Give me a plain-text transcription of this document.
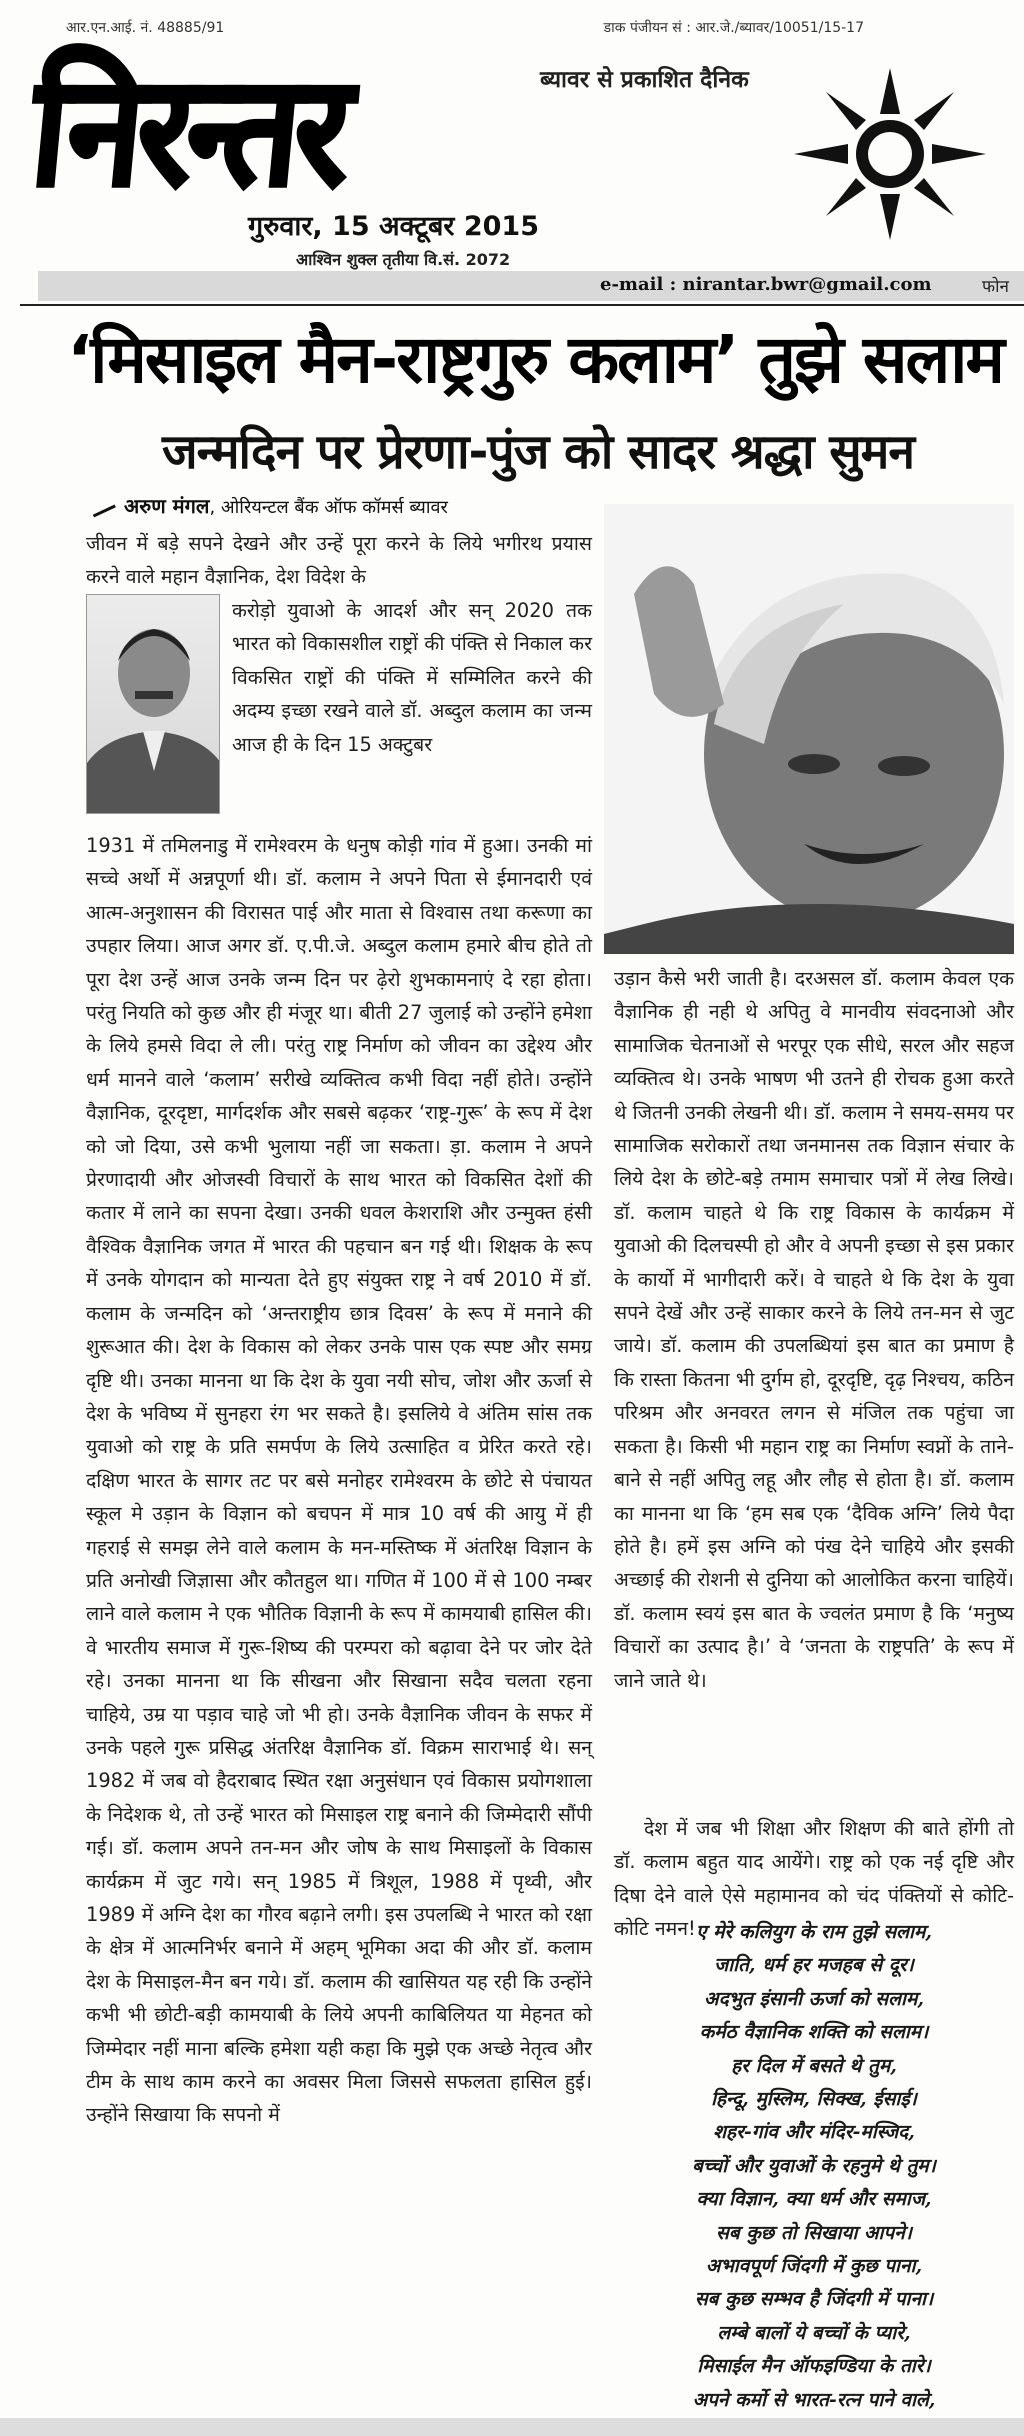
आर.एन.आई. नं. 48885/91	डाक पंजीयन सं : आर.जे./ब्यावर/10051/15-17
ब्यावर से प्रकाशित दैनिक
निरन्तर
गुरुवार, 15 अक्टूबर 2015
आश्विन शुक्ल तृतीया वि.सं. 2072
e-mail : nirantar.bwr@gmail.com	फोन
‘मिसाइल मैन-राष्ट्रगुरु कलाम’ तुझे सलाम
जन्मदिन पर प्रेरणा-पुंज को सादर श्रद्धा सुमन
अरुण मंगल, ओरियन्टल बैंक ऑफ कॉमर्स ब्यावर
जीवन में बड़े सपने देखने और उन्हें पूरा करने के लिये भगीरथ प्रयास करने वाले महान वैज्ञानिक, देश विदेश के
करोड़ो युवाओ के आदर्श और सन् 2020 तक भारत को विकासशील राष्ट्रों की पंक्ति से निकाल कर विकसित राष्ट्रों की पंक्ति में सम्मिलित करने की अदम्य इच्छा रखने वाले डॉ. अब्दुल कलाम का जन्म आज ही के दिन 15 अक्टुबर
1931 में तमिलनाडु में रामेश्वरम के धनुष कोड़ी गांव में हुआ। उनकी मां सच्चे अर्थो में अन्नपूर्णा थी। डॉ. कलाम ने अपने पिता से ईमानदारी एवं आत्म-अनुशासन की विरासत पाई और माता से विश्वास तथा करूणा का उपहार लिया। आज अगर डॉ. ए.पी.जे. अब्दुल कलाम हमारे बीच होते तो पूरा देश उन्हें आज उनके जन्म दिन पर ढ़ेरो शुभकामनाएं दे रहा होता। परंतु नियति को कुछ और ही मंजूर था। बीती 27 जुलाई को उन्होंने हमेशा के लिये हमसे विदा ले ली। परंतु राष्ट्र निर्माण को जीवन का उद्देश्य और धर्म मानने वाले ‘कलाम’ सरीखे व्यक्तित्व कभी विदा नहीं होते। उन्होंने वैज्ञानिक, दूरदृष्टा, मार्गदर्शक और सबसे बढ़कर ‘राष्ट्र-गुरू’ के रूप में देश को जो दिया, उसे कभी भुलाया नहीं जा सकता। ड़ा. कलाम ने अपने प्रेरणादायी और ओजस्वी विचारों के साथ भारत को विकसित देशों की कतार में लाने का सपना देखा। उनकी धवल केशराशि और उन्मुक्त हंसी वैश्विक वैज्ञानिक जगत में भारत की पहचान बन गई थी। शिक्षक के रूप में उनके योगदान को मान्यता देते हुए संयुक्त राष्ट्र ने वर्ष 2010 में डॉ. कलाम के जन्मदिन को ‘अन्तराष्ट्रीय छात्र दिवस’ के रूप में मनाने की शुरूआत की। देश के विकास को लेकर उनके पास एक स्पष्ट और समग्र दृष्टि थी। उनका मानना था कि देश के युवा नयी सोच, जोश और ऊर्जा से देश के भविष्य में सुनहरा रंग भर सकते है। इसलिये वे अंतिम सांस तक युवाओ को राष्ट्र के प्रति समर्पण के लिये उत्साहित व प्रेरित करते रहे। दक्षिण भारत के सागर तट पर बसे मनोहर रामेश्वरम के छोटे से पंचायत स्कूल मे उड़ान के विज्ञान को बचपन में मात्र 10 वर्ष की आयु में ही गहराई से समझ लेने वाले कलाम के मन-मस्तिष्क में अंतरिक्ष विज्ञान के प्रति अनोखी जिज्ञासा और कौतहुल था। गणित में 100 में से 100 नम्बर लाने वाले कलाम ने एक भौतिक विज्ञानी के रूप में कामयाबी हासिल की। वे भारतीय समाज में गुरू-शिष्य की परम्परा को बढ़ावा देने पर जोर देते रहे। उनका मानना था कि सीखना और सिखाना सदैव चलता रहना चाहिये, उम्र या पड़ाव चाहे जो भी हो। उनके वैज्ञानिक जीवन के सफर में उनके पहले गुरू प्रसिद्ध अंतरिक्ष वैज्ञानिक डॉ. विक्रम साराभाई थे। सन् 1982 में जब वो हैदराबाद स्थित रक्षा अनुसंधान एवं विकास प्रयोगशाला के निदेशक थे, तो उन्हें भारत को मिसाइल राष्ट्र बनाने की जिम्मेदारी सौंपी गई। डॉ. कलाम अपने तन-मन और जोष के साथ मिसाइलों के विकास कार्यक्रम में जुट गये। सन् 1985 में त्रिशूल, 1988 में पृथ्वी, और 1989 में अग्नि देश का गौरव बढ़ाने लगी। इस उपलब्धि ने भारत को रक्षा के क्षेत्र में आत्मनिर्भर बनाने में अहम् भूमिका अदा की और डॉ. कलाम देश के मिसाइल-मैन बन गये। डॉ. कलाम की खासियत यह रही कि उन्होंने कभी भी छोटी-बड़ी कामयाबी के लिये अपनी काबिलियत या मेहनत को जिम्मेदार नहीं माना बल्कि हमेशा यही कहा कि मुझे एक अच्छे नेतृत्व और टीम के साथ काम करने का अवसर मिला जिससे सफलता हासिल हुई। उन्होंने सिखाया कि सपनो में
उड़ान कैसे भरी जाती है। दरअसल डॉ. कलाम केवल एक वैज्ञानिक ही नही थे अपितु वे मानवीय संवदनाओ और सामाजिक चेतनाओं से भरपूर एक सीधे, सरल और सहज व्यक्तित्व थे। उनके भाषण भी उतने ही रोचक हुआ करते थे जितनी उनकी लेखनी थी। डॉ. कलाम ने समय-समय पर सामाजिक सरोकारों तथा जनमानस तक विज्ञान संचार के लिये देश के छोटे-बड़े तमाम समाचार पत्रों में लेख लिखे। डॉ. कलाम चाहते थे कि राष्ट्र विकास के कार्यक्रम में युवाओ की दिलचस्पी हो और वे अपनी इच्छा से इस प्रकार के कार्यो में भागीदारी करें। वे चाहते थे कि देश के युवा सपने देखें और उन्हें साकार करने के लिये तन-मन से जुट जाये। डॉ. कलाम की उपलब्धियां इस बात का प्रमाण है कि रास्ता कितना भी दुर्गम हो, दूरदृष्टि, दृढ़ निश्चय, कठिन परिश्रम और अनवरत लगन से मंजिल तक पहुंचा जा सकता है। किसी भी महान राष्ट्र का निर्माण स्वप्नों के ताने-बाने से नहीं अपितु लहू और लौह से होता है। डॉ. कलाम का मानना था कि ‘हम सब एक ‘दैविक अग्नि’ लिये पैदा होते है। हमें इस अग्नि को पंख देने चाहिये और इसकी अच्छाई की रोशनी से दुनिया को आलोकित करना चाहियें। डॉ. कलाम स्वयं इस बात के ज्वलंत प्रमाण है कि ‘मनुष्य विचारों का उत्पाद है।’ वे ‘जनता के राष्ट्रपति’ के रूप में जाने जाते थे।
देश में जब भी शिक्षा और शिक्षण की बाते होंगी तो डॉ. कलाम बहुत याद आयेंगे। राष्ट्र को एक नई दृष्टि और दिषा देने वाले ऐसे महामानव को चंद पंक्तियों से कोटि-कोटि नमन! ए मेरे कलियुग के राम तुझे सलाम,
जाति, धर्म हर मजहब से दूर।
अदभुत इंसानी ऊर्जा को सलाम,
कर्मठ वैज्ञानिक शक्ति को सलाम।
हर दिल में बसते थे तुम,
हिन्दू, मुस्लिम, सिक्ख, ईसाई।
शहर-गांव और मंदिर-मस्जिद,
बच्चों और युवाओं के रहनुमे थे तुम।
क्या विज्ञान, क्या धर्म और समाज,
सब कुछ तो सिखाया आपने।
अभावपूर्ण जिंदगी में कुछ पाना,
सब कुछ सम्भव है जिंदगी में पाना।
लम्बे बालों ये बच्चों के प्यारे,
मिसाईल मैन ऑफइण्डिया के तारे।
अपने कर्मो से भारत-रत्न पाने वाले,
